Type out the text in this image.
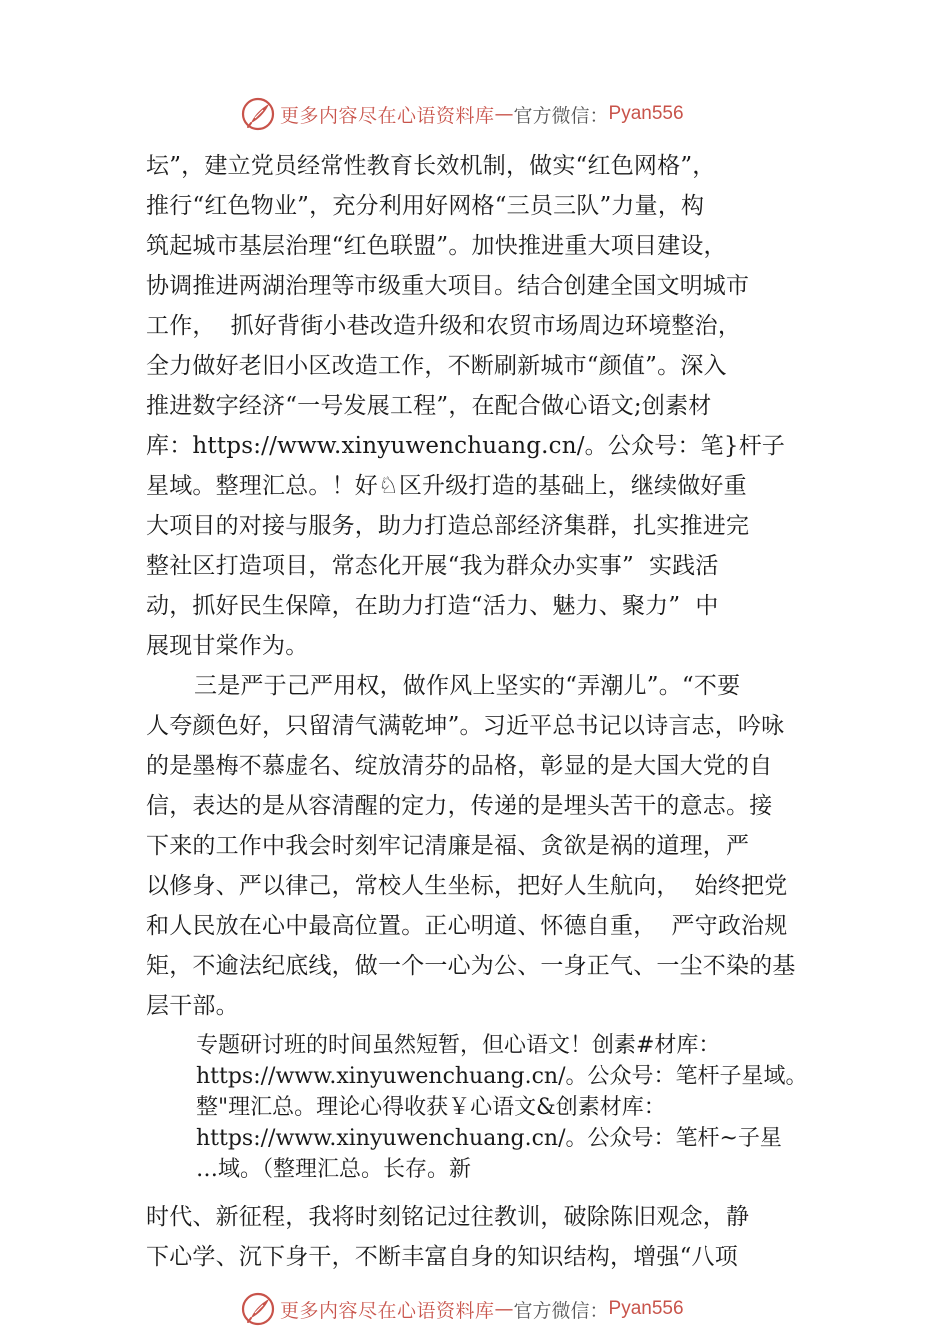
更多内容尽在心语资料库 — 官方微信： Pyan556
坛”，建立党员经常性教育长效机制，做实“红色网格”，
推行“红色物业”，充分利用好网格“三员三队”力量，构
筑起城市基层治理“红色联盟”。加快推进重大项目建设，
协调推进两湖治理等市级重大项目。结合创建全国文明城市
工作，  抓好背街小巷改造升级和农贸市场周边环境整治，
全力做好老旧小区改造工作，不断刷新城市“颜值”。深入
推进数字经济“一号发展工程”，在配合做心语文;创素材
库：https://www.xinyuwenchuang.cn/。公众号：笔}杆子
星域。整理汇总。！好♘区升级打造的基础上，继续做好重
大项目的对接与服务，助力打造总部经济集群，扎实推进完
整社区打造项目，常态化开展“我为群众办实事”  实践活
动，抓好民生保障，在助力打造“活力、魅力、聚力”  中
展现甘棠作为。
三是严于己严用权，做作风上坚实的“弄潮儿”。“不要
人夸颜色好，只留清气满乾坤”。习近平总书记以诗言志，吟咏
的是墨梅不慕虚名、绽放清芬的品格，彰显的是大国大党的自
信，表达的是从容清醒的定力，传递的是埋头苦干的意志。接
下来的工作中我会时刻牢记清廉是福、贪欲是祸的道理，严
以修身、严以律己，常校人生坐标，把好人生航向，  始终把党
和人民放在心中最高位置。正心明道、怀德自重，  严守政治规
矩，不逾法纪底线，做一个一心为公、一身正气、一尘不染的基
层干部。
专题研讨班的时间虽然短暂，但心语文！创素#材库：
https://www.xinyuwenchuang.cn/。公众号：笔杆子星域。
整"理汇总。理论心得收获￥心语文&创素材库：
https://www.xinyuwenchuang.cn/。公众号：笔杆~子星
…域。（整理汇总。长存。新
时代、新征程，我将时刻铭记过往教训，破除陈旧观念，静
下心学、沉下身干，不断丰富自身的知识结构，增强“八项
更多内容尽在心语资料库 — 官方微信： Pyan556
